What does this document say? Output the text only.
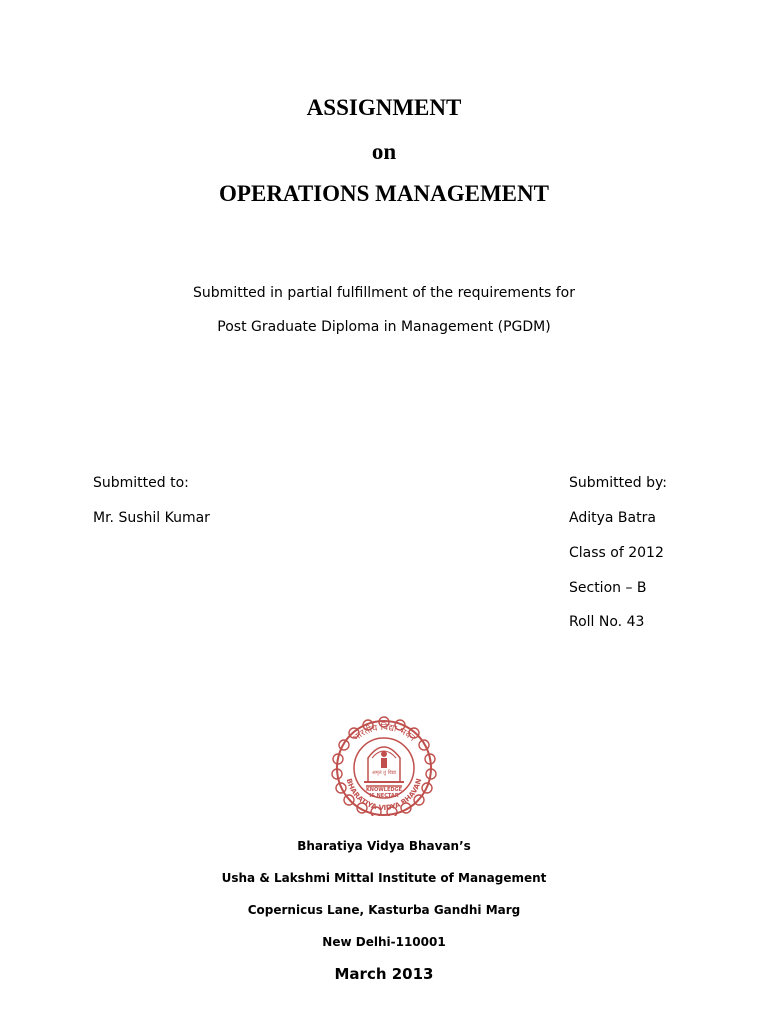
ASSIGNMENT
on
OPERATIONS MANAGEMENT
Submitted in partial fulfillment of the requirements for
Post Graduate Diploma in Management (PGDM)
Submitted to:
Mr. Sushil Kumar
Submitted by:
Aditya Batra
Class of 2012
Section – B
Roll No. 43
भारतीय विद्या भवन
अमृतं तु विद्या
KNOWLEDGE
IS NECTAR
BHARATIYA VIDYA BHAVAN
Bharatiya Vidya Bhavan’s
Usha & Lakshmi Mittal Institute of Management
Copernicus Lane, Kasturba Gandhi Marg
New Delhi-110001
March 2013
